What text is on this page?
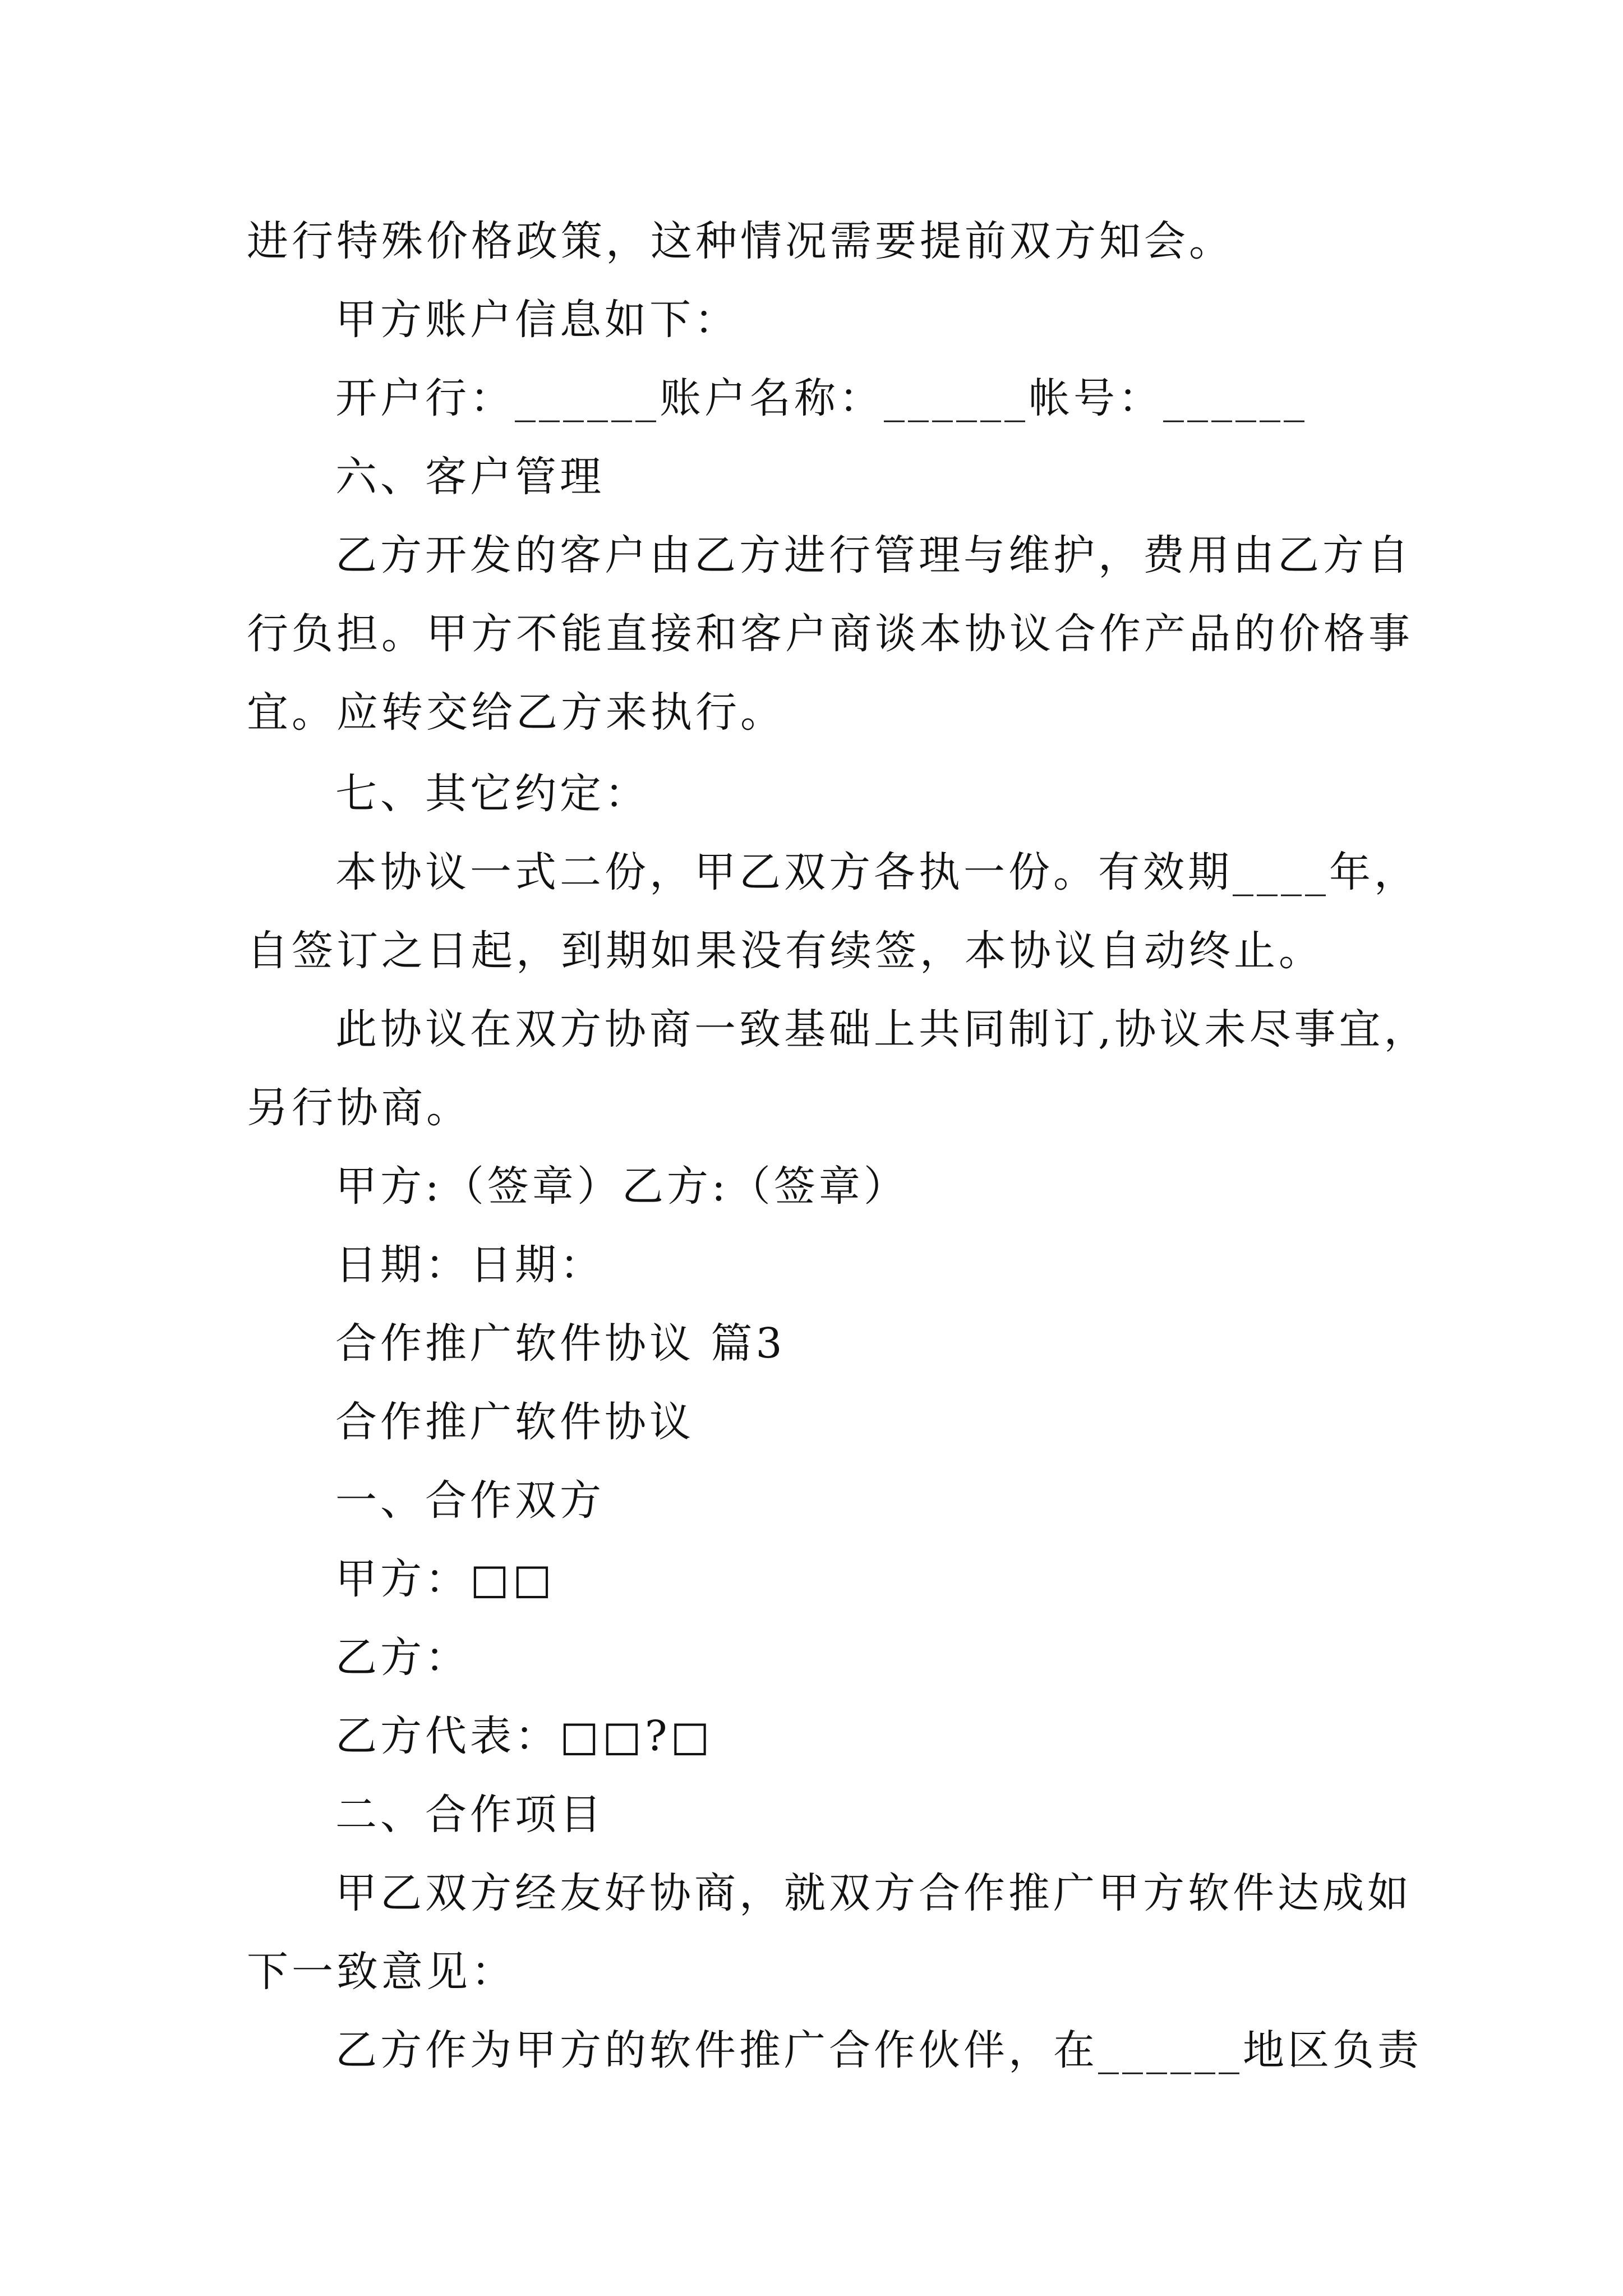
进行特殊价格政策，这种情况需要提前双方知会。
甲方账户信息如下：
开户行：______账户名称：______帐号：______
六、客户管理
乙方开发的客户由乙方进行管理与维护，费用由乙方自
行负担。甲方不能直接和客户商谈本协议合作产品的价格事
宜。应转交给乙方来执行。
七、其它约定：
本协议一式二份，甲乙双方各执一份。有效期____年，
自签订之日起，到期如果没有续签，本协议自动终止。
此协议在双方协商一致基础上共同制订,协议未尽事宜，
另行协商。
甲方:（签章）乙方:（签章）
日期：日期：
合作推广软件协议 篇3
合作推广软件协议
一、合作双方
甲方：□□
乙方：
乙方代表：□□?□
二、合作项目
甲乙双方经友好协商，就双方合作推广甲方软件达成如
下一致意见：
乙方作为甲方的软件推广合作伙伴，在______地区负责
